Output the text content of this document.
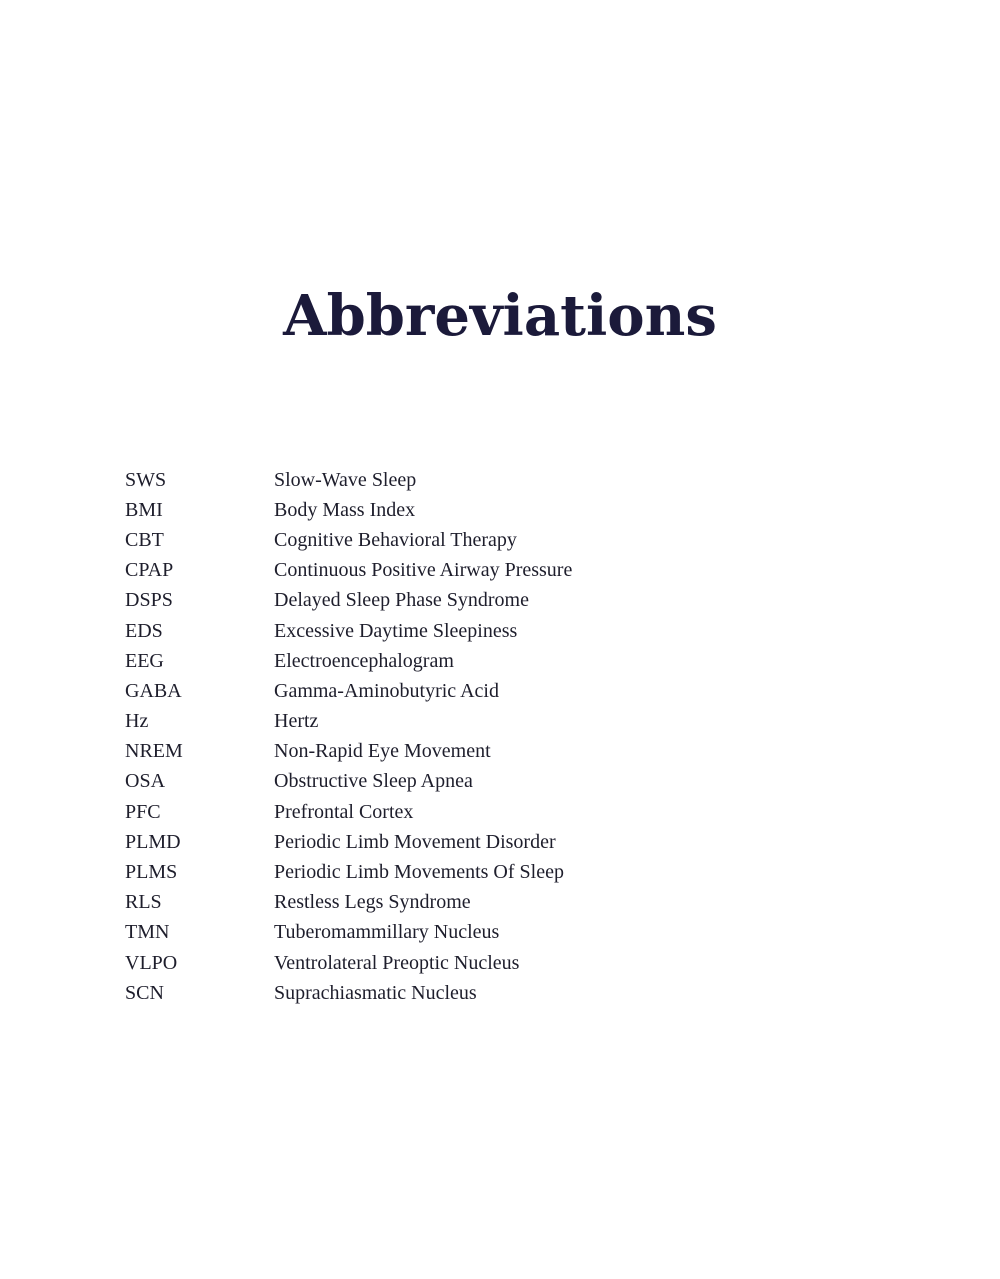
Abbreviations
SWS	Slow-Wave Sleep
BMI	Body Mass Index
CBT	Cognitive Behavioral Therapy
CPAP	Continuous Positive Airway Pressure
DSPS	Delayed Sleep Phase Syndrome
EDS	Excessive Daytime Sleepiness
EEG	Electroencephalogram
GABA	Gamma-Aminobutyric Acid
Hz	Hertz
NREM	Non-Rapid Eye Movement
OSA	Obstructive Sleep Apnea
PFC	Prefrontal Cortex
PLMD	Periodic Limb Movement Disorder
PLMS	Periodic Limb Movements Of Sleep
RLS	Restless Legs Syndrome
TMN	Tuberomammillary Nucleus
VLPO	Ventrolateral Preoptic Nucleus
SCN	Suprachiasmatic Nucleus
